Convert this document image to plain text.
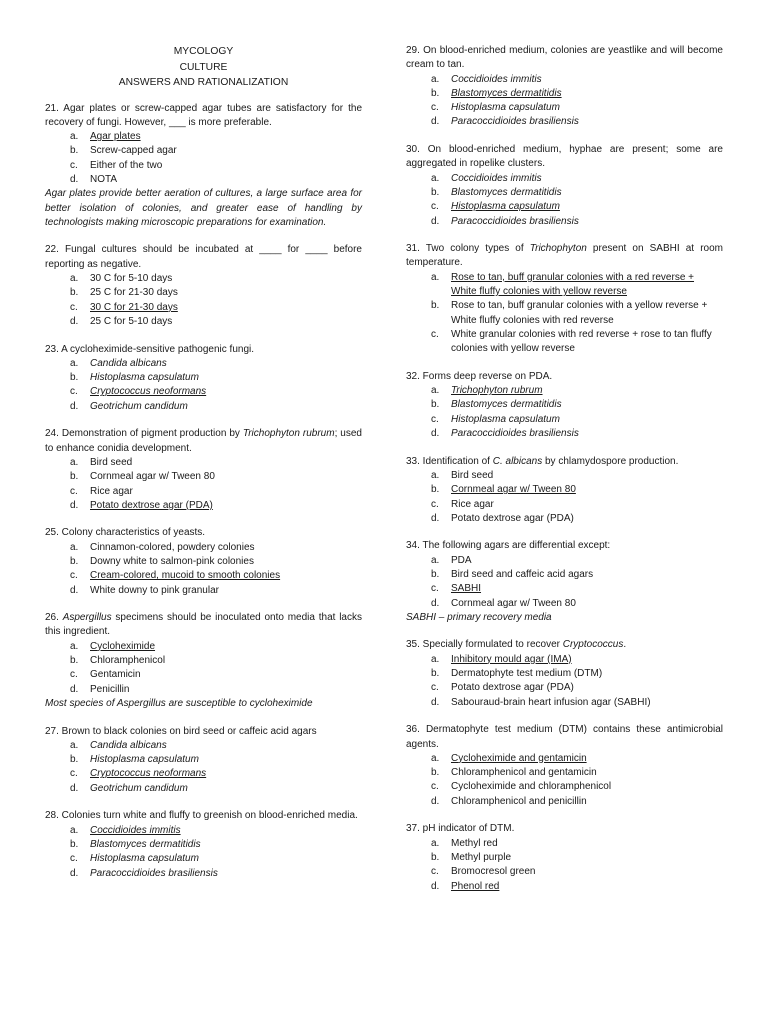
MYCOLOGY
CULTURE
ANSWERS AND RATIONALIZATION

21. Agar plates or screw-capped agar tubes are satisfactory for the recovery of fungi. However, ___ is more preferable.

a.	Agar plates
b.	Screw-capped agar
c.	Either of the two
d.	NOTA

Agar plates provide better aeration of cultures, a large surface area for better isolation of colonies, and greater ease of handling by technologists making microscopic preparations for examination.

22. Fungal cultures should be incubated at ____ for ____ before reporting as negative.

a.	30 C for 5-10 days
b.	25 C for 21-30 days
c.	30 C for 21-30 days
d.	25 C for 5-10 days

23. A cycloheximide-sensitive pathogenic fungi.

a.	Candida albicans
b.	Histoplasma capsulatum
c.	Cryptococcus neoformans
d.	Geotrichum candidum

24. Demonstration of pigment production by Trichophyton rubrum; used to enhance conidia development.

a.	Bird seed
b.	Cornmeal agar w/ Tween 80
c.	Rice agar
d.	Potato dextrose agar (PDA)

25. Colony characteristics of yeasts.

a.	Cinnamon-colored, powdery colonies
b.	Downy white to salmon-pink colonies
c.	Cream-colored, mucoid to smooth colonies
d.	White downy to pink granular

26. Aspergillus specimens should be inoculated onto media that lacks this ingredient.

a.	Cycloheximide
b.	Chloramphenicol
c.	Gentamicin
d.	Penicillin

Most species of Aspergillus are susceptible to cycloheximide

27. Brown to black colonies on bird seed or caffeic acid agars

a.	Candida albicans
b.	Histoplasma capsulatum
c.	Cryptococcus neoformans
d.	Geotrichum candidum

28. Colonies turn white and fluffy to greenish on blood-enriched media.

a.	Coccidioides immitis
b.	Blastomyces dermatitidis
c.	Histoplasma capsulatum
d.	Paracoccidioides brasiliensis

29. On blood-enriched medium, colonies are yeastlike and will become cream to tan.

a.	Coccidioides immitis
b.	Blastomyces dermatitidis
c.	Histoplasma capsulatum
d.	Paracoccidioides brasiliensis

30. On blood-enriched medium, hyphae are present; some are aggregated in ropelike clusters.

a.	Coccidioides immitis
b.	Blastomyces dermatitidis
c.	Histoplasma capsulatum
d.	Paracoccidioides brasiliensis

31. Two colony types of Trichophyton present on SABHI at room temperature.

a.	Rose to tan, buff granular colonies with a red reverse + White fluffy colonies with yellow reverse
b.	Rose to tan, buff granular colonies with a yellow reverse + White fluffy colonies with red reverse
c.	White granular colonies with red reverse + rose to tan fluffy colonies with yellow reverse

32. Forms deep reverse on PDA.

a.	Trichophyton rubrum
b.	Blastomyces dermatitidis
c.	Histoplasma capsulatum
d.	Paracoccidioides brasiliensis

33. Identification of C. albicans by chlamydospore production.

a.	Bird seed
b.	Cornmeal agar w/ Tween 80
c.	Rice agar
d.	Potato dextrose agar (PDA)

34. The following agars are differential except:

a.	PDA
b.	Bird seed and caffeic acid agars
c.	SABHI
d.	Cornmeal agar w/ Tween 80

SABHI – primary recovery media

35. Specially formulated to recover Cryptococcus.

a.	Inhibitory mould agar (IMA)
b.	Dermatophyte test medium (DTM)
c.	Potato dextrose agar (PDA)
d.	Sabouraud-brain heart infusion agar (SABHI)

36. Dermatophyte test medium (DTM) contains these antimicrobial agents.

a.	Cycloheximide and gentamicin
b.	Chloramphenicol and gentamicin
c.	Cycloheximide and chloramphenicol
d.	Chloramphenicol and penicillin

37. pH indicator of DTM.

a.	Methyl red
b.	Methyl purple
c.	Bromocresol green
d.	Phenol red
